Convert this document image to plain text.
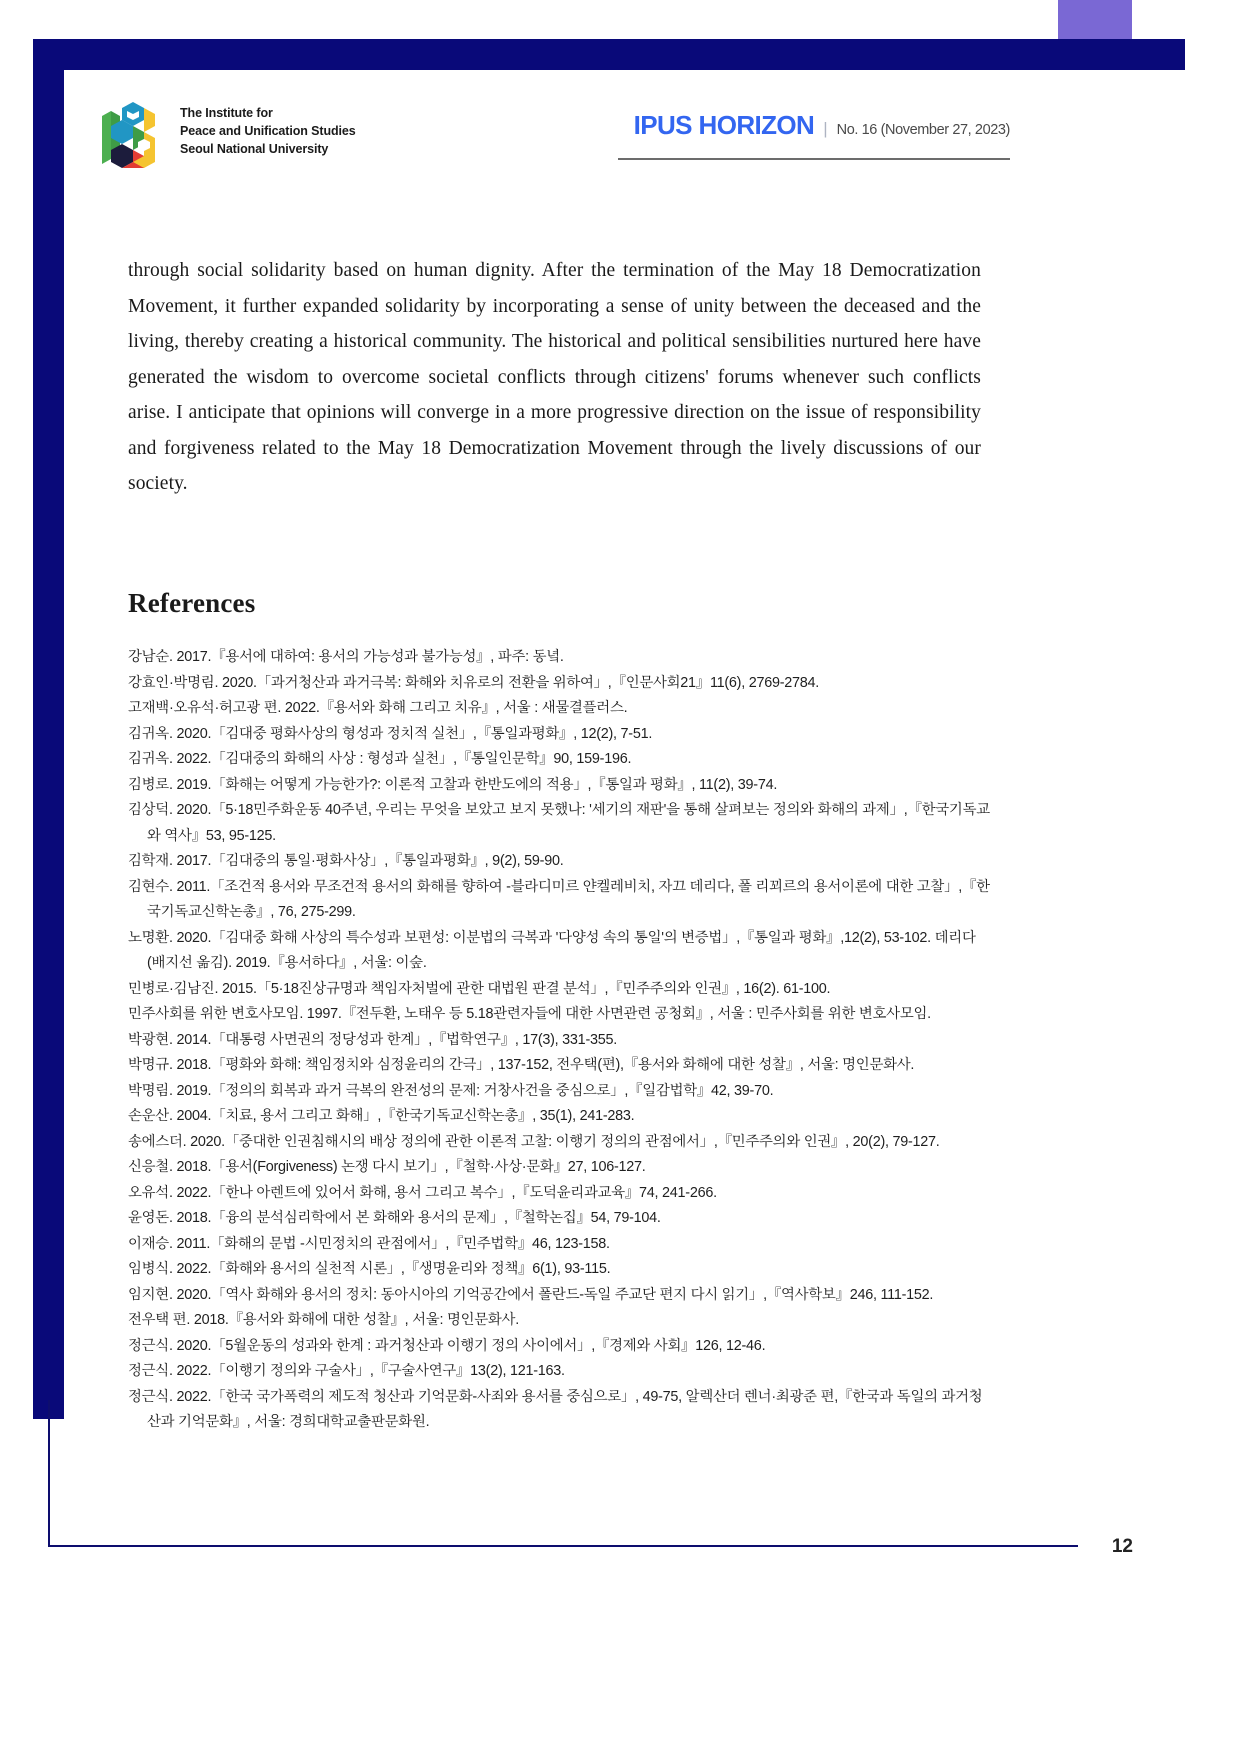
The Institute for
Peace and Unification Studies
Seoul National University
IPUS HORIZON | No. 16 (November 27, 2023)

through social solidarity based on human dignity. After the termination of the May 18 Democratization Movement, it further expanded solidarity by incorporating a sense of unity between the deceased and the living, thereby creating a historical community. The historical and political sensibilities nurtured here have generated the wisdom to overcome societal conflicts through citizens' forums whenever such conflicts arise. I anticipate that opinions will converge in a more progressive direction on the issue of responsibility and forgiveness related to the May 18 Democratization Movement through the lively discussions of our society.

References
강남순. 2017.『용서에 대하여: 용서의 가능성과 불가능성』, 파주: 동녘.
강효인·박명림. 2020.「과거청산과 과거극복: 화해와 치유로의 전환을 위하여」,『인문사회21』11(6), 2769-2784.
고재백·오유석·허고광 편. 2022.『용서와 화해 그리고 치유』, 서울 : 새물결플러스.
김귀옥. 2020.「김대중 평화사상의 형성과 정치적 실천」,『통일과평화』, 12(2), 7-51.
김귀옥. 2022.「김대중의 화해의 사상 : 형성과 실천」,『통일인문학』90, 159-196.
김병로. 2019.「화해는 어떻게 가능한가?: 이론적 고찰과 한반도에의 적용」,『통일과 평화』, 11(2), 39-74.
김상덕. 2020.「5·18민주화운동 40주년, 우리는 무엇을 보았고 보지 못했나: '세기의 재판'을 통해 살펴보는 정의와 화해의 과제」,『한국기독교와 역사』53, 95-125.
김학재. 2017.「김대중의 통일·평화사상」,『통일과평화』, 9(2), 59-90.
김현수. 2011.「조건적 용서와 무조건적 용서의 화해를 향하여 -블라디미르 얀켈레비치, 자끄 데리다, 폴 리꾀르의 용서이론에 대한 고찰」,『한국기독교신학논총』, 76, 275-299.
노명환. 2020.「김대중 화해 사상의 특수성과 보편성: 이분법의 극복과 '다양성 속의 통일'의 변증법」,『통일과 평화』,12(2), 53-102. 데리다(배지선 옮김). 2019.『용서하다』, 서울: 이숲.
민병로·김남진. 2015.「5·18진상규명과 책임자처벌에 관한 대법원 판결 분석」,『민주주의와 인권』, 16(2). 61-100.
민주사회를 위한 변호사모임. 1997.『전두환, 노태우 등 5.18관련자들에 대한 사면관련 공청회』, 서울 : 민주사회를 위한 변호사모임.
박광현. 2014.「대통령 사면권의 정당성과 한계」,『법학연구』, 17(3), 331-355.
박명규. 2018.「평화와 화해: 책임정치와 심정윤리의 간극」, 137-152, 전우택(편),『용서와 화해에 대한 성찰』, 서울: 명인문화사.
박명림. 2019.「정의의 회복과 과거 극복의 완전성의 문제: 거창사건을 중심으로」,『일감법학』42, 39-70.
손운산. 2004.「치료, 용서 그리고 화해」,『한국기독교신학논총』, 35(1), 241-283.
송에스더. 2020.「중대한 인권침해시의 배상 정의에 관한 이론적 고찰: 이행기 정의의 관점에서」,『민주주의와 인권』, 20(2), 79-127.
신응철. 2018.「용서(Forgiveness) 논쟁 다시 보기」,『철학·사상·문화』27, 106-127.
오유석. 2022.「한나 아렌트에 있어서 화해, 용서 그리고 복수」,『도덕윤리과교육』74, 241-266.
윤영돈. 2018.「융의 분석심리학에서 본 화해와 용서의 문제」,『철학논집』54, 79-104.
이재승. 2011.「화해의 문법 -시민정치의 관점에서」,『민주법학』46, 123-158.
임병식. 2022.「화해와 용서의 실천적 시론」,『생명윤리와 정책』6(1), 93-115.
임지현. 2020.「역사 화해와 용서의 정치: 동아시아의 기억공간에서 폴란드-독일 주교단 편지 다시 읽기」,『역사학보』246, 111-152.
전우택 편. 2018.『용서와 화해에 대한 성찰』, 서울: 명인문화사.
정근식. 2020.「5월운동의 성과와 한계 : 과거청산과 이행기 정의 사이에서」,『경제와 사회』126, 12-46.
정근식. 2022.「이행기 정의와 구술사」,『구술사연구』13(2), 121-163.
정근식. 2022.「한국 국가폭력의 제도적 청산과 기억문화-사죄와 용서를 중심으로」, 49-75, 알렉산더 렌너·최광준 편,『한국과 독일의 과거청산과 기억문화』, 서울: 경희대학교출판문화원.
12
